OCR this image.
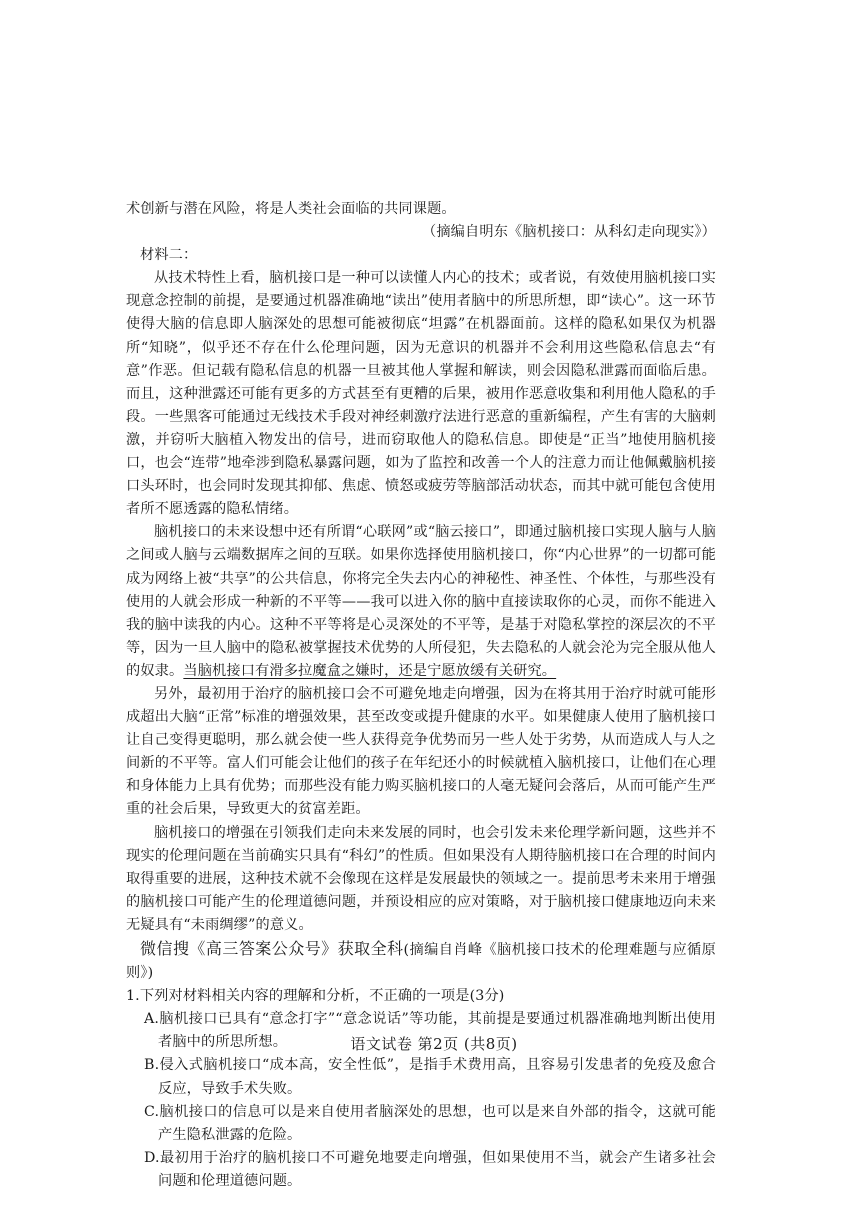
术创新与潜在风险，将是人类社会面临的共同课题。

（摘编自明东《脑机接口：从科幻走向现实》）

材料二：

从技术特性上看，脑机接口是一种可以读懂人内心的技术；或者说，有效使用脑机接口实现意念控制的前提，是要通过机器准确地“读出”使用者脑中的所思所想，即“读心”。这一环节使得大脑的信息即人脑深处的思想可能被彻底“坦露”在机器面前。这样的隐私如果仅为机器所“知晓”，似乎还不存在什么伦理问题，因为无意识的机器并不会利用这些隐私信息去“有意”作恶。但记载有隐私信息的机器一旦被其他人掌握和解读，则会因隐私泄露而面临后患。而且，这种泄露还可能有更多的方式甚至有更糟的后果，被用作恶意收集和利用他人隐私的手段。一些黑客可能通过无线技术手段对神经刺激疗法进行恶意的重新编程，产生有害的大脑刺激，并窃听大脑植入物发出的信号，进而窃取他人的隐私信息。即使是“正当”地使用脑机接口，也会“连带”地牵涉到隐私暴露问题，如为了监控和改善一个人的注意力而让他佩戴脑机接口头环时，也会同时发现其抑郁、焦虑、愤怒或疲劳等脑部活动状态，而其中就可能包含使用者所不愿透露的隐私情绪。

脑机接口的未来设想中还有所谓“心联网”或“脑云接口”，即通过脑机接口实现人脑与人脑之间或人脑与云端数据库之间的互联。如果你选择使用脑机接口，你“内心世界”的一切都可能成为网络上被“共享”的公共信息，你将完全失去内心的神秘性、神圣性、个体性，与那些没有使用的人就会形成一种新的不平等——我可以进入你的脑中直接读取你的心灵，而你不能进入我的脑中读我的内心。这种不平等将是心灵深处的不平等，是基于对隐私掌控的深层次的不平等，因为一旦人脑中的隐私被掌握技术优势的人所侵犯，失去隐私的人就会沦为完全服从他人的奴隶。当脑机接口有滑多拉魔盒之嫌时，还是宁愿放缓有关研究。

另外，最初用于治疗的脑机接口会不可避免地走向增强，因为在将其用于治疗时就可能形成超出大脑“正常”标准的增强效果，甚至改变或提升健康的水平。如果健康人使用了脑机接口让自己变得更聪明，那么就会使一些人获得竞争优势而另一些人处于劣势，从而造成人与人之间新的不平等。富人们可能会让他们的孩子在年纪还小的时候就植入脑机接口，让他们在心理和身体能力上具有优势；而那些没有能力购买脑机接口的人毫无疑问会落后，从而可能产生严重的社会后果，导致更大的贫富差距。

脑机接口的增强在引领我们走向未来发展的同时，也会引发未来伦理学新问题，这些并不现实的伦理问题在当前确实只具有“科幻”的性质。但如果没有人期待脑机接口在合理的时间内取得重要的进展，这种技术就不会像现在这样是发展最快的领域之一。提前思考未来用于增强的脑机接口可能产生的伦理道德问题，并预设相应的应对策略，对于脑机接口健康地迈向未来无疑具有“未雨绸缪”的意义。

微信搜《高三答案公众号》获取全科(摘编自肖峰《脑机接口技术的伦理难题与应循原则》)

1.下列对材料相关内容的理解和分析，不正确的一项是(3分)

A.脑机接口已具有“意念打字”“意念说话”等功能，其前提是要通过机器准确地判断出使用者脑中的所思所想。

B.侵入式脑机接口“成本高，安全性低”，是指手术费用高，且容易引发患者的免疫及愈合反应，导致手术失败。

C.脑机接口的信息可以是来自使用者脑深处的思想，也可以是来自外部的指令，这就可能产生隐私泄露的危险。

D.最初用于治疗的脑机接口不可避免地要走向增强，但如果使用不当，就会产生诸多社会问题和伦理道德问题。

语文试卷 第2页 (共8页)
